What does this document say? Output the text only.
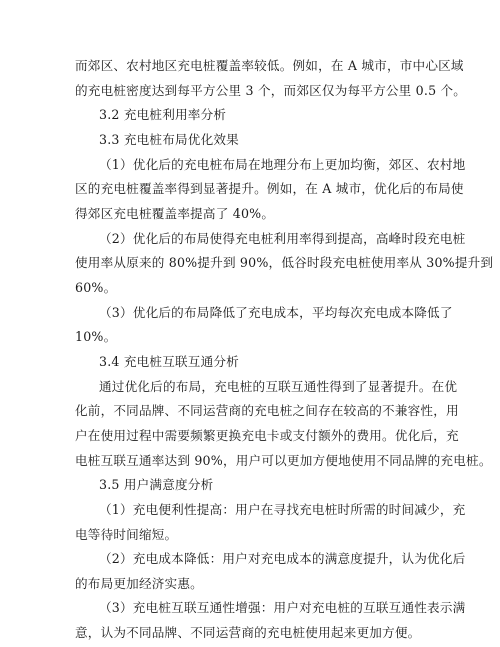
而郊区、农村地区充电桩覆盖率较低。例如，在 A 城市，市中心区域
的充电桩密度达到每平方公里 3 个，而郊区仅为每平方公里 0.5 个。
3.2 充电桩利用率分析
3.3 充电桩布局优化效果
（1）优化后的充电桩布局在地理分布上更加均衡，郊区、农村地
区的充电桩覆盖率得到显著提升。例如，在 A 城市，优化后的布局使
得郊区充电桩覆盖率提高了 40%。
（2）优化后的布局使得充电桩利用率得到提高，高峰时段充电桩
使用率从原来的 80%提升到 90%，低谷时段充电桩使用率从 30%提升到
60%。
（3）优化后的布局降低了充电成本，平均每次充电成本降低了
10%。
3.4 充电桩互联互通分析
通过优化后的布局，充电桩的互联互通性得到了显著提升。在优
化前，不同品牌、不同运营商的充电桩之间存在较高的不兼容性，用
户在使用过程中需要频繁更换充电卡或支付额外的费用。优化后，充
电桩互联互通率达到 90%，用户可以更加方便地使用不同品牌的充电桩。
3.5 用户满意度分析
（1）充电便利性提高：用户在寻找充电桩时所需的时间减少，充
电等待时间缩短。
（2）充电成本降低：用户对充电成本的满意度提升，认为优化后
的布局更加经济实惠。
（3）充电桩互联互通性增强：用户对充电桩的互联互通性表示满
意，认为不同品牌、不同运营商的充电桩使用起来更加方便。
